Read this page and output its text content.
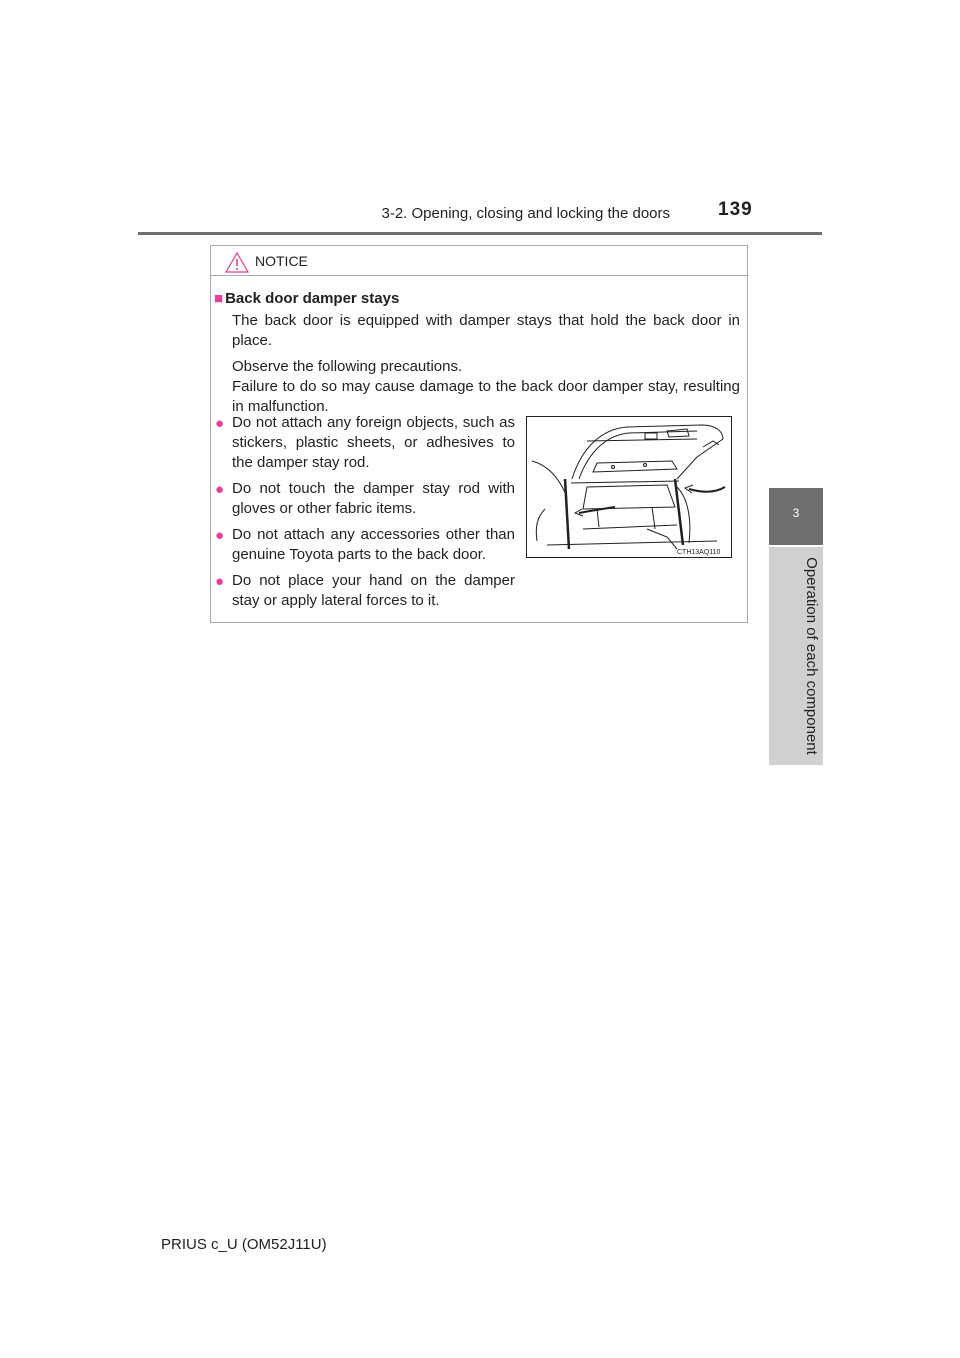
3-2. Opening, closing and locking the doors	139
3
Operation of each component
NOTICE
■ Back door damper stays
The back door is equipped with damper stays that hold the back door in place.
Observe the following precautions.
Failure to do so may cause damage to the back door damper stay, resulting in malfunction.
● Do not attach any foreign objects, such as stickers, plastic sheets, or adhesives to the damper stay rod.
● Do not touch the damper stay rod with gloves or other fabric items.
● Do not attach any accessories other than genuine Toyota parts to the back door.
● Do not place your hand on the damper stay or apply lateral forces to it.
CTH13AQ110
PRIUS c_U (OM52J11U)
